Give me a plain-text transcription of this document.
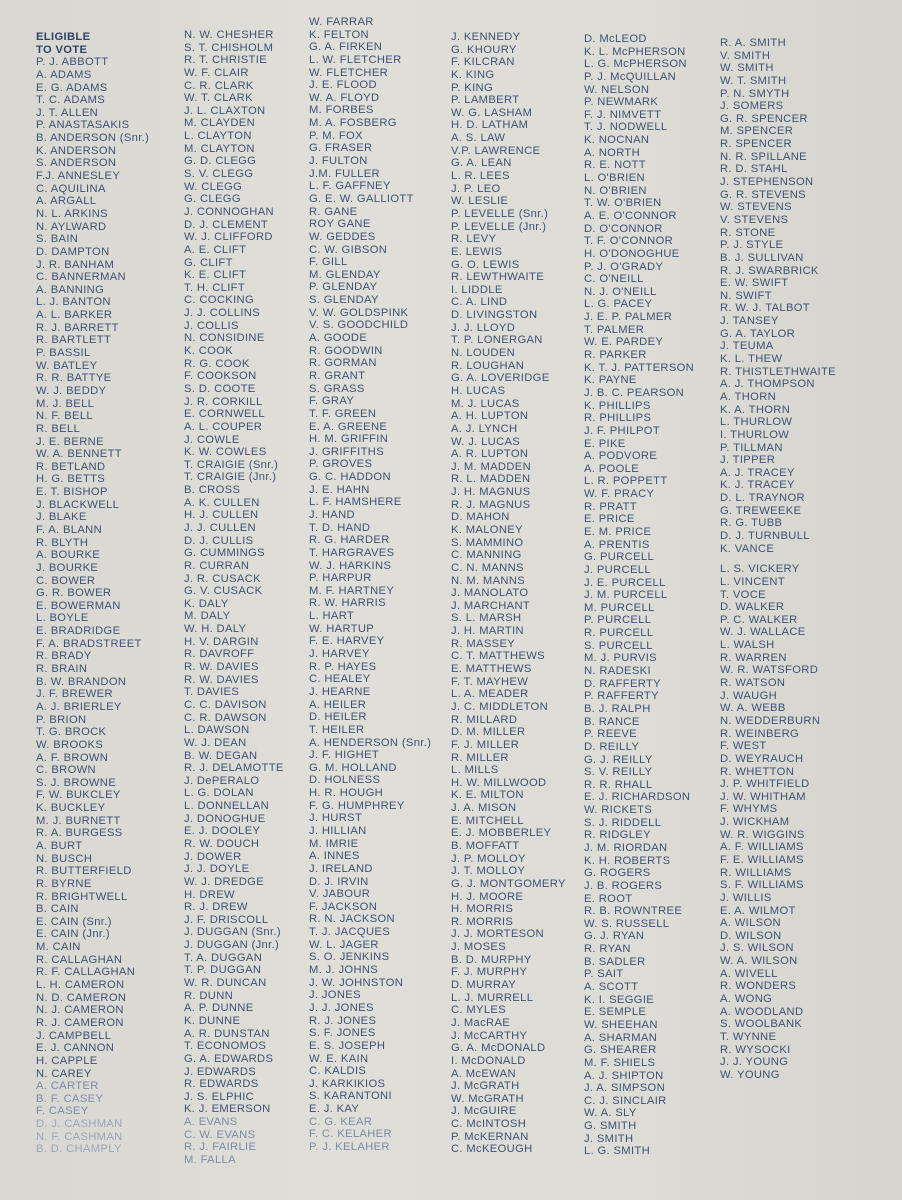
ELIGIBLE
TO VOTE
P. J. ABBOTT
A. ADAMS
E. G. ADAMS
T. C. ADAMS
J. T. ALLEN
P. ANASTASAKIS
B. ANDERSON (Snr.)
K. ANDERSON
S. ANDERSON
F.J. ANNESLEY
C. AQUILINA
A. ARGALL
N. L. ARKINS
N. AYLWARD
S. BAIN
D. DAMPTON
J. R. BANHAM
C. BANNERMAN
A. BANNING
L. J. BANTON
A. L. BARKER
R. J. BARRETT
R. BARTLETT
P. BASSIL
W. BATLEY
R. R. BATTYE
W. J. BEDDY
M. J. BELL
N. F. BELL
R. BELL
J. E. BERNE
W. A. BENNETT
R. BETLAND
H. G. BETTS
E. T. BISHOP
J. BLACKWELL
J. BLAKE
F. A. BLANN
R. BLYTH
A. BOURKE
J. BOURKE
C. BOWER
G. R. BOWER
E. BOWERMAN
L. BOYLE
E. BRADRIDGE
F. A. BRADSTREET
R. BRADY
R. BRAIN
B. W. BRANDON
J. F. BREWER
A. J. BRIERLEY
P. BRION
T. G. BROCK
W. BROOKS
A. F. BROWN
C. BROWN
S. J. BROWNE
F. W. BUKCLEY
K. BUCKLEY
M. J. BURNETT
R. A. BURGESS
A. BURT
N. BUSCH
R. BUTTERFIELD
R. BYRNE
R. BRIGHTWELL
B. CAIN
E. CAIN (Snr.)
E. CAIN (Jnr.)
M. CAIN
R. CALLAGHAN
R. F. CALLAGHAN
L. H. CAMERON
N. D. CAMERON
N. J. CAMERON
R. J. CAMERON
J. CAMPBELL
E. J. CANNON
H. CAPPLE
N. CAREY
A. CARTER
B. F. CASEY
F. CASEY
D. J. CASHMAN
N. F. CASHMAN
B. D. CHAMPLY
N. W. CHESHER
S. T. CHISHOLM
R. T. CHRISTIE
W. F. CLAIR
C. R. CLARK
W. T. CLARK
J. L. CLAXTON
M. CLAYDEN
L. CLAYTON
M. CLAYTON
G. D. CLEGG
S. V. CLEGG
W. CLEGG
G. CLEGG
J. CONNOGHAN
D. J. CLEMENT
W. J. CLIFFORD
A. E. CLIFT
G. CLIFT
K. E. CLIFT
T. H. CLIFT
C. COCKING
J. J. COLLINS
J. COLLIS
N. CONSIDINE
K. COOK
R. G. COOK
F. COOKSON
S. D. COOTE
J. R. CORKILL
E. CORNWELL
A. L. COUPER
J. COWLE
K. W. COWLES
T. CRAIGIE (Snr.)
T. CRAIGIE (Jnr.)
B. CROSS
A. K. CULLEN
H. J. CULLEN
J. J. CULLEN
D. J. CULLIS
G. CUMMINGS
R. CURRAN
J. R. CUSACK
G. V. CUSACK
K. DALY
M. DALY
W. H. DALY
H. V. DARGIN
R. DAVROFF
R. W. DAVIES
R. W. DAVIES
T. DAVIES
C. C. DAVISON
C. R. DAWSON
L. DAWSON
W. J. DEAN
B. W. DEGAN
R. J. DELAMOTTE
J. DePERALO
L. G. DOLAN
L. DONNELLAN
J. DONOGHUE
E. J. DOOLEY
R. W. DOUCH
J. DOWER
J. J. DOYLE
W. J. DREDGE
H. DREW
R. J. DREW
J. F. DRISCOLL
J. DUGGAN (Snr.)
J. DUGGAN (Jnr.)
T. A. DUGGAN
T. P. DUGGAN
W. R. DUNCAN
R. DUNN
A. P. DUNNE
K. DUNNE
A. R. DUNSTAN
T. ECONOMOS
G. A. EDWARDS
J. EDWARDS
R. EDWARDS
J. S. ELPHIC
K. J. EMERSON
A. EVANS
C. W. EVANS
R. J. FAIRLIE
M. FALLA
W. FARRAR
K. FELTON
G. A. FIRKEN
L. W. FLETCHER
W. FLETCHER
J. E. FLOOD
W. A. FLOYD
M. FORBES
M. A. FOSBERG
P. M. FOX
G. FRASER
J. FULTON
J.M. FULLER
L. F. GAFFNEY
G. E. W. GALLIOTT
R. GANE
ROY GANE
W. GEDDES
C. W. GIBSON
F. GILL
M. GLENDAY
P. GLENDAY
S. GLENDAY
V. W. GOLDSPINK
V. S. GOODCHILD
A. GOODE
R. GOODWIN
R. GORMAN
R. GRANT
S. GRASS
F. GRAY
T. F. GREEN
E. A. GREENE
H. M. GRIFFIN
J. GRIFFITHS
P. GROVES
G. C. HADDON
J. E. HAHN
L. F. HAMSHERE
J. HAND
T. D. HAND
R. G. HARDER
T. HARGRAVES
W. J. HARKINS
P. HARPUR
M. F. HARTNEY
R. W. HARRIS
L. HART
W. HARTUP
F. E. HARVEY
J. HARVEY
R. P. HAYES
C. HEALEY
J. HEARNE
A. HEILER
D. HEILER
T. HEILER
A. HENDERSON (Snr.)
J. F. HIGHET
G. M. HOLLAND
D. HOLNESS
H. R. HOUGH
F. G. HUMPHREY
J. HURST
J. HILLIAN
M. IMRIE
A. INNES
J. IRELAND
D. J. IRVIN
V. JABOUR
F. JACKSON
R. N. JACKSON
T. J. JACQUES
W. L. JAGER
S. O. JENKINS
M. J. JOHNS
J. W. JOHNSTON
J. JONES
J. J. JONES
R. J. JONES
S. F. JONES
E. S. JOSEPH
W. E. KAIN
C. KALDIS
J. KARKIKIOS
S. KARANTONI
E. J. KAY
C. G. KEAR
F. C. KELAHER
P. J. KELAHER
J. KENNEDY
G. KHOURY
F. KILCRAN
K. KING
P. KING
P. LAMBERT
W. G. LASHAM
H. D. LATHAM
A. S. LAW
V.P. LAWRENCE
G. A. LEAN
L. R. LEES
J. P. LEO
W. LESLIE
P. LEVELLE (Snr.)
P. LEVELLE (Jnr.)
R. LEVY
E. LEWIS
G. O. LEWIS
R. LEWTHWAITE
I. LIDDLE
C. A. LIND
D. LIVINGSTON
J. J. LLOYD
T. P. LONERGAN
N. LOUDEN
R. LOUGHAN
G. A. LOVERIDGE
H. LUCAS
M. J. LUCAS
A. H. LUPTON
A. J. LYNCH
W. J. LUCAS
A. R. LUPTON
J. M. MADDEN
R. L. MADDEN
J. H. MAGNUS
R. J. MAGNUS
D. MAHON
K. MALONEY
S. MAMMINO
C. MANNING
C. N. MANNS
N. M. MANNS
J. MANOLATO
J. MARCHANT
S. L. MARSH
J. H. MARTIN
R. MASSEY
C. T. MATTHEWS
E. MATTHEWS
F. T. MAYHEW
L. A. MEADER
J. C. MIDDLETON
R. MILLARD
D. M. MILLER
F. J. MILLER
R. MILLER
L. MILLS
H. W. MILLWOOD
K. E. MILTON
J. A. MISON
E. MITCHELL
E. J. MOBBERLEY
B. MOFFATT
J. P. MOLLOY
J. T. MOLLOY
G. J. MONTGOMERY
H. J. MOORE
H. MORRIS
R. MORRIS
J. J. MORTESON
J. MOSES
B. D. MURPHY
F. J. MURPHY
D. MURRAY
L. J. MURRELL
C. MYLES
J. MacRAE
J. McCARTHY
G. A. McDONALD
I. McDONALD
A. McEWAN
J. McGRATH
W. McGRATH
J. McGUIRE
C. McINTOSH
P. McKERNAN
C. McKEOUGH
D. McLEOD
K. L. McPHERSON
L. G. McPHERSON
P. J. McQUILLAN
W. NELSON
P. NEWMARK
F. J. NIMVETT
T. J. NODWELL
K. NOCNAN
A. NORTH
R. E. NOTT
L. O'BRIEN
N. O'BRIEN
T. W. O'BRIEN
A. E. O'CONNOR
D. O'CONNOR
T. F. O'CONNOR
H. O'DONOGHUE
P. J. O'GRADY
C. O'NEILL
N. J. O'NEILL
L. G. PACEY
J. E. P. PALMER
T. PALMER
W. E. PARDEY
R. PARKER
K. T. J. PATTERSON
K. PAYNE
J. B. C. PEARSON
K. PHILLIPS
R. PHILLIPS
J. F. PHILPOT
E. PIKE
A. PODVORE
A. POOLE
L. R. POPPETT
W. F. PRACY
R. PRATT
E. PRICE
E. M. PRICE
A. PRENTIS
G. PURCELL
J. PURCELL
J. E. PURCELL
J. M. PURCELL
M. PURCELL
P. PURCELL
R. PURCELL
S. PURCELL
M. J. PURVIS
N. RADESKI
D. RAFFERTY
P. RAFFERTY
B. J. RALPH
B. RANCE
P. REEVE
D. REILLY
G. J. REILLY
S. V. REILLY
R. R. RHALL
E. J. RICHARDSON
W. RICKETS
S. J. RIDDELL
R. RIDGLEY
J. M. RIORDAN
K. H. ROBERTS
G. ROGERS
J. B. ROGERS
E. ROOT
R. B. ROWNTREE
W. S. RUSSELL
G. J. RYAN
R. RYAN
B. SADLER
P. SAIT
A. SCOTT
K. I. SEGGIE
E. SEMPLE
W. SHEEHAN
A. SHARMAN
G. SHEARER
M. F. SHIELS
A. J. SHIPTON
J. A. SIMPSON
C. J. SINCLAIR
W. A. SLY
G. SMITH
J. SMITH
L. G. SMITH
R. A. SMITH
V. SMITH
W. SMITH
W. T. SMITH
P. N. SMYTH
J. SOMERS
G. R. SPENCER
M. SPENCER
R. SPENCER
N. R. SPILLANE
R. D. STAHL
J. STEPHENSON
G. R. STEVENS
W. STEVENS
V. STEVENS
R. STONE
P. J. STYLE
B. J. SULLIVAN
R. J. SWARBRICK
E. W. SWIFT
N. SWIFT
R. W. J. TALBOT
J. TANSEY
G. A. TAYLOR
J. TEUMA
K. L. THEW
R. THISTLETHWAITE
A. J. THOMPSON
A. THORN
K. A. THORN
L. THURLOW
I. THURLOW
P. TILLMAN
J. TIPPER
A. J. TRACEY
K. J. TRACEY
D. L. TRAYNOR
G. TREWEEKE
R. G. TUBB
D. J. TURNBULL
K. VANCE
L. S. VICKERY
L. VINCENT
T. VOCE
D. WALKER
P. C. WALKER
W. J. WALLACE
L. WALSH
R. WARREN
W. R. WATSFORD
R. WATSON
J. WAUGH
W. A. WEBB
N. WEDDERBURN
R. WEINBERG
F. WEST
D. WEYRAUCH
R. WHETTON
J. P. WHITFIELD
J. W. WHITHAM
F. WHYMS
J. WICKHAM
W. R. WIGGINS
A. F. WILLIAMS
F. E. WILLIAMS
R. WILLIAMS
S. F. WILLIAMS
J. WILLIS
E. A. WILMOT
A. WILSON
D. WILSON
J. S. WILSON
W. A. WILSON
A. WIVELL
R. WONDERS
A. WONG
A. WOODLAND
S. WOOLBANK
T. WYNNE
R. WYSOCKI
J. J. YOUNG
W. YOUNG
